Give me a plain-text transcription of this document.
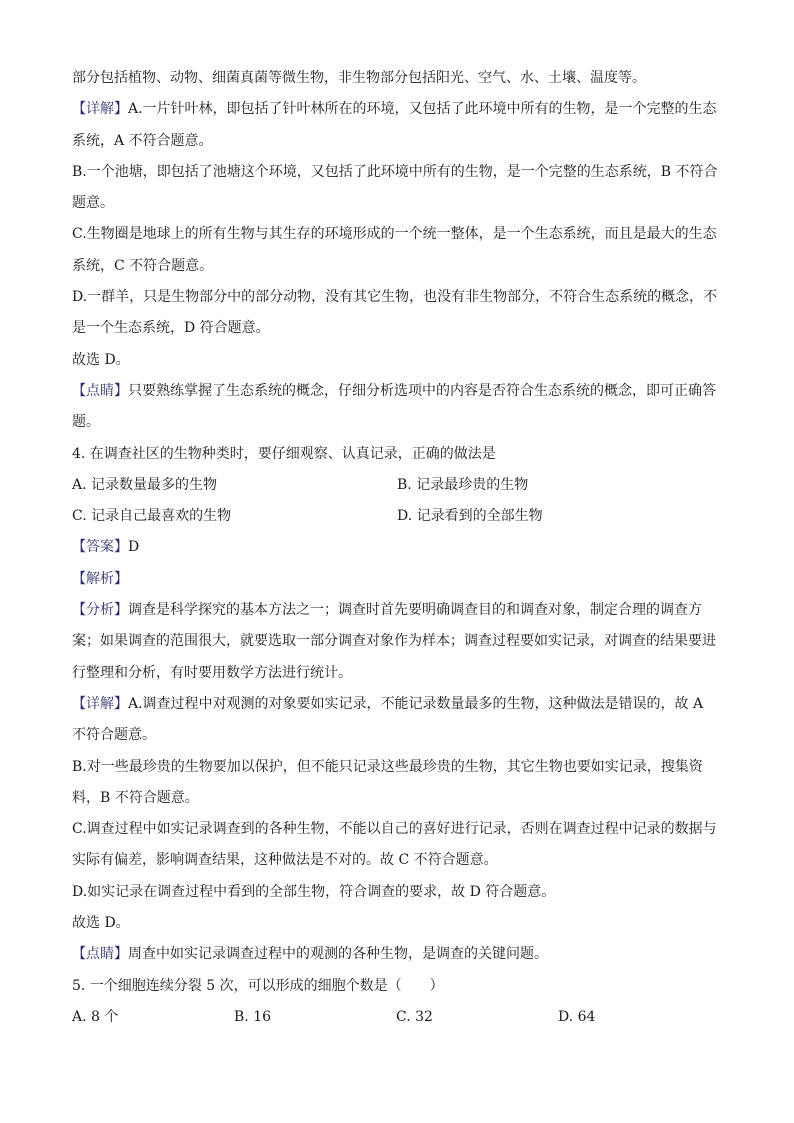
部分包括植物、动物、细菌真菌等微生物，非生物部分包括阳光、空气、水、土壤、温度等。
【详解】A.一片针叶林，即包括了针叶林所在的环境，又包括了此环境中所有的生物，是一个完整的生态
系统，A 不符合题意。
B.一个池塘，即包括了池塘这个环境，又包括了此环境中所有的生物，是一个完整的生态系统，B 不符合
题意。
C.生物圈是地球上的所有生物与其生存的环境形成的一个统一整体，是一个生态系统，而且是最大的生态
系统，C 不符合题意。
D.一群羊，只是生物部分中的部分动物，没有其它生物，也没有非生物部分，不符合生态系统的概念，不
是一个生态系统，D 符合题意。
故选 D。
【点睛】只要熟练掌握了生态系统的概念，仔细分析选项中的内容是否符合生态系统的概念，即可正确答
题。
4. 在调查社区的生物种类时，要仔细观察、认真记录，正确的做法是
A. 记录数量最多的生物	B. 记录最珍贵的生物
C. 记录自己最喜欢的生物	D. 记录看到的全部生物
【答案】D
【解析】
【分析】调查是科学探究的基本方法之一；调查时首先要明确调查目的和调查对象，制定合理的调查方
案；如果调查的范围很大，就要选取一部分调查对象作为样本；调查过程要如实记录，对调查的结果要进
行整理和分析，有时要用数学方法进行统计。
【详解】A.调查过程中对观测的对象要如实记录，不能记录数量最多的生物，这种做法是错误的，故 A
不符合题意。
B.对一些最珍贵的生物要加以保护，但不能只记录这些最珍贵的生物，其它生物也要如实记录，搜集资
料，B 不符合题意。
C.调查过程中如实记录调查到的各种生物，不能以自己的喜好进行记录，否则在调查过程中记录的数据与
实际有偏差，影响调查结果，这种做法是不对的。故 C 不符合题意。
D.如实记录在调查过程中看到的全部生物，符合调查的要求，故 D 符合题意。
故选 D。
【点睛】周查中如实记录调查过程中的观测的各种生物，是调查的关键问题。
5. 一个细胞连续分裂 5 次，可以形成的细胞个数是（　　）
A. 8 个	B. 16	C. 32	D. 64
